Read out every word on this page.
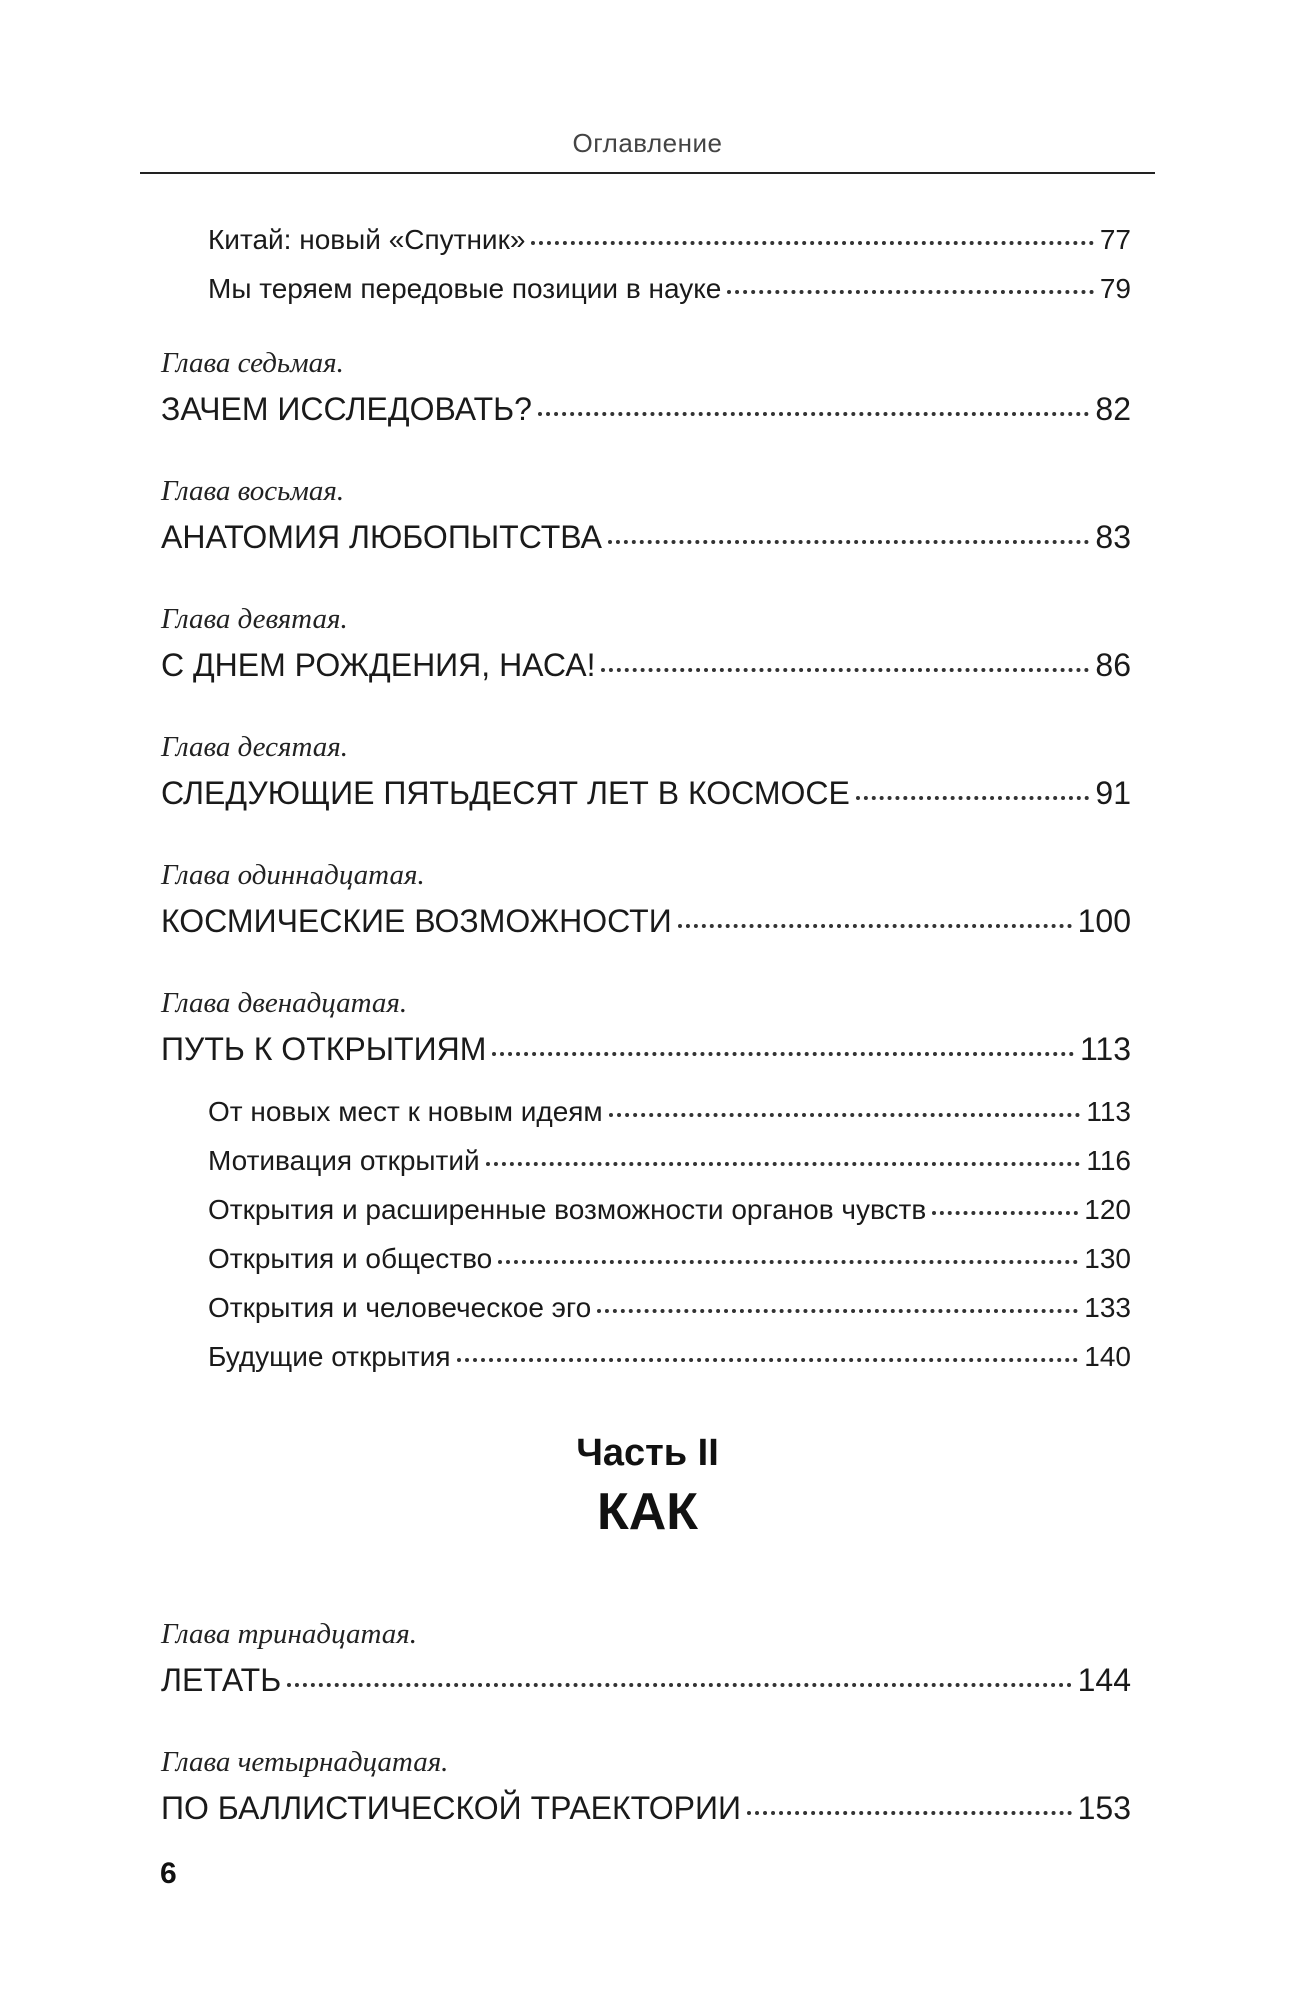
Оглавление
Китай: новый «Спутник»	77
Мы теряем передовые позиции в науке	79
Глава седьмая.
ЗАЧЕМ ИССЛЕДОВАТЬ?	82
Глава восьмая.
АНАТОМИЯ ЛЮБОПЫТСТВА	83
Глава девятая.
С ДНЕМ РОЖДЕНИЯ, НАСА!	86
Глава десятая.
СЛЕДУЮЩИЕ ПЯТЬДЕСЯТ ЛЕТ В КОСМОСЕ	91
Глава одиннадцатая.
КОСМИЧЕСКИЕ ВОЗМОЖНОСТИ	100
Глава двенадцатая.
ПУТЬ К ОТКРЫТИЯМ	113
От новых мест к новым идеям	113
Мотивация открытий	116
Открытия и расширенные возможности органов чувств	120
Открытия и общество	130
Открытия и человеческое эго	133
Будущие открытия	140
Часть II
КАК
Глава тринадцатая.
ЛЕТАТЬ	144
Глава четырнадцатая.
ПО БАЛЛИСТИЧЕСКОЙ ТРАЕКТОРИИ	153
6
